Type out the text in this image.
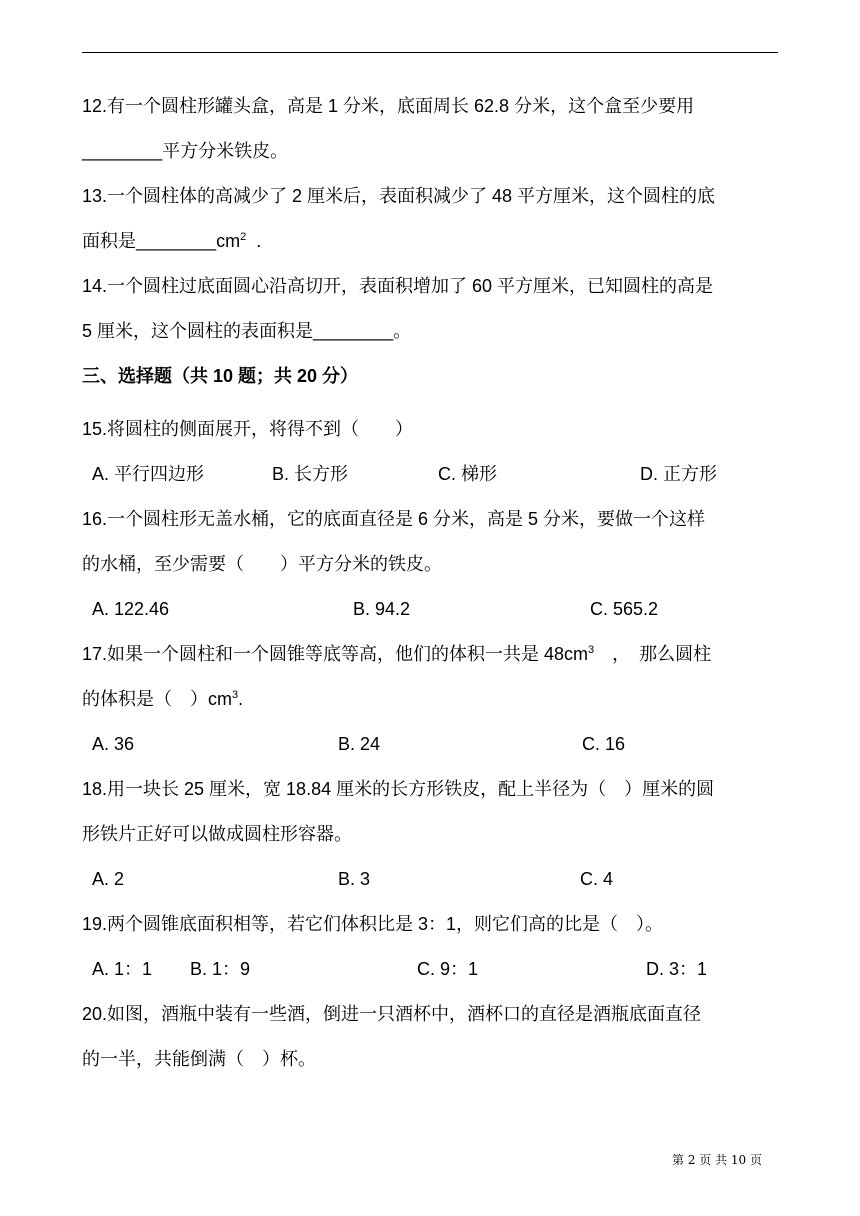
12.有一个圆柱形罐头盒，高是 1 分米，底面周长 62.8 分米，这个盒至少要用
________平方分米铁皮。
13.一个圆柱体的高减少了 2 厘米后，表面积减少了 48 平方厘米，这个圆柱的底
面积是$\_\_\_\_\_\_\_\_cm^2$  .
14.一个圆柱过底面圆心沿高切开，表面积增加了 60 平方厘米，已知圆柱的高是
5 厘米，这个圆柱的表面积是________。
三、选择题（共 10 题；共 20 分）
15.将圆柱的侧面展开，将得不到（　　）
A. 平行四边形	B. 长方形	C. 梯形	D. 正方形
16.一个圆柱形无盖水桶，它的底面直径是 6 分米，高是 5 分米，要做一个这样
的水桶，至少需要（　　）平方分米的铁皮。
A. 122.46	B. 94.2	C. 565.2
17.如果一个圆柱和一个圆锥等底等高，他们的体积一共是 $48cm^3$　，　那么圆柱
的体积是（　）$cm^3$.
A. 36	B. 24	C. 16
18.用一块长 25 厘米，宽 18.84 厘米的长方形铁皮，配上半径为（　）厘米的圆
形铁片正好可以做成圆柱形容器。
A. 2	B. 3	C. 4
19.两个圆锥底面积相等，若它们体积比是 3：1，则它们高的比是（　）。
A. 1：1 B. 1：9	C. 9：1	D. 3：1
20.如图，酒瓶中装有一些酒，倒进一只酒杯中，酒杯口的直径是酒瓶底面直径
的一半，共能倒满（　）杯。
第 2 页 共 10 页
